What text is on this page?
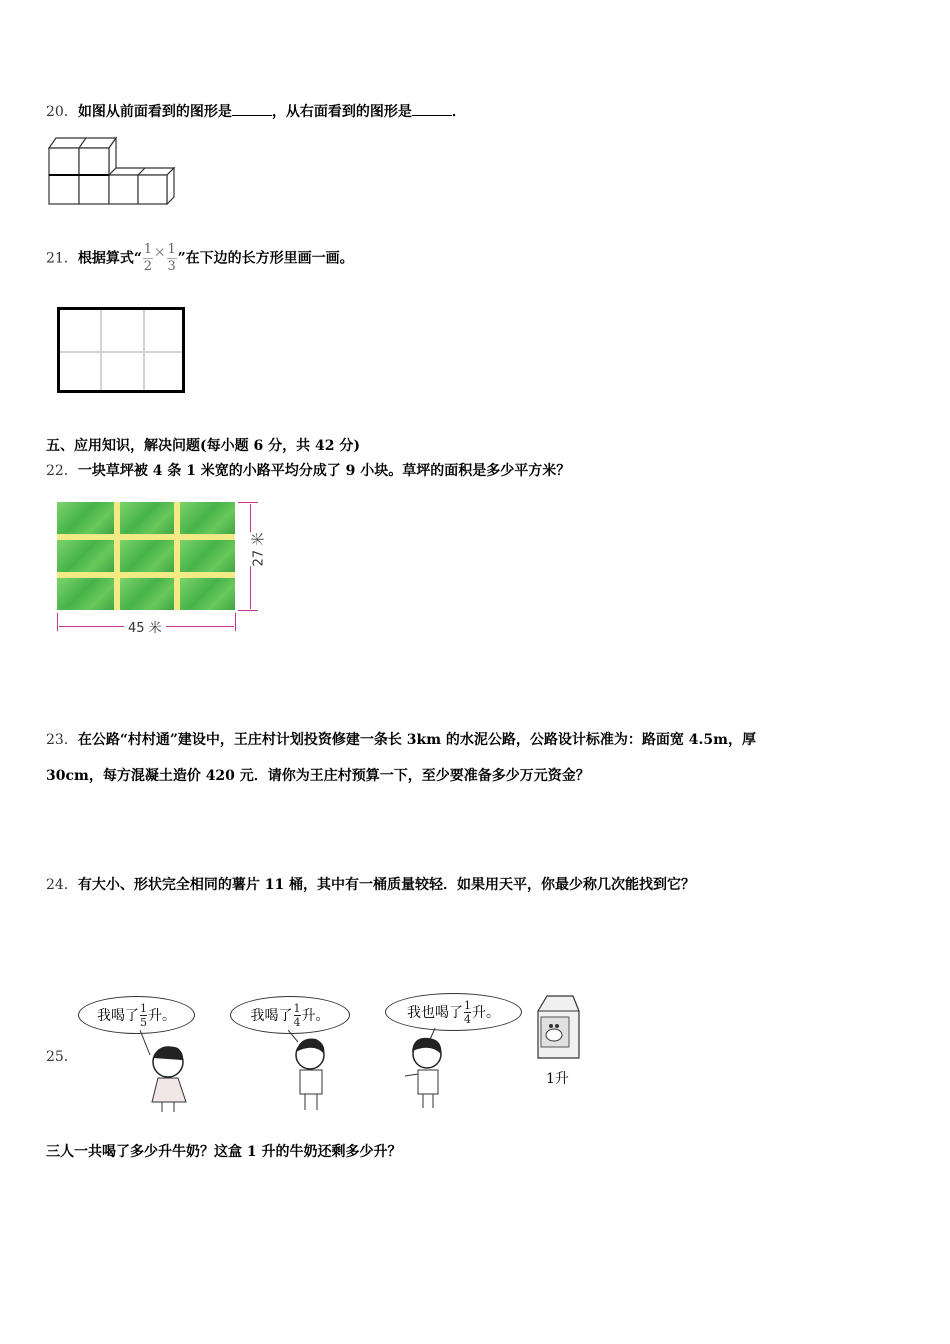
20．如图从前面看到的图形是	，从右面看到的图形是	．
21．根据算式“ $\frac{1}{2} \times \frac{1}{3}$ ”在下边的长方形里画一画。
五、应用知识，解决问题(每小题 6 分，共 42 分)
22．一块草坪被 4 条 1 米宽的小路平均分成了 9 小块。草坪的面积是多少平方米？
27 米
45 米
23．在公路“村村通”建设中，王庄村计划投资修建一条长 3km 的水泥公路，公路设计标准为：路面宽 4.5m，厚
30cm，每方混凝土造价 420 元．请你为王庄村预算一下，至少要准备多少万元资金？
24．有大小、形状完全相同的薯片 11 桶，其中有一桶质量较轻．如果用天平，你最少称几次能找到它？
25．
我喝了 $\frac{1}{5}$ 升。	我喝了 $\frac{1}{4}$ 升。	我也喝了 $\frac{1}{4}$ 升。
1升
三人一共喝了多少升牛奶？这盒 1 升的牛奶还剩多少升？
